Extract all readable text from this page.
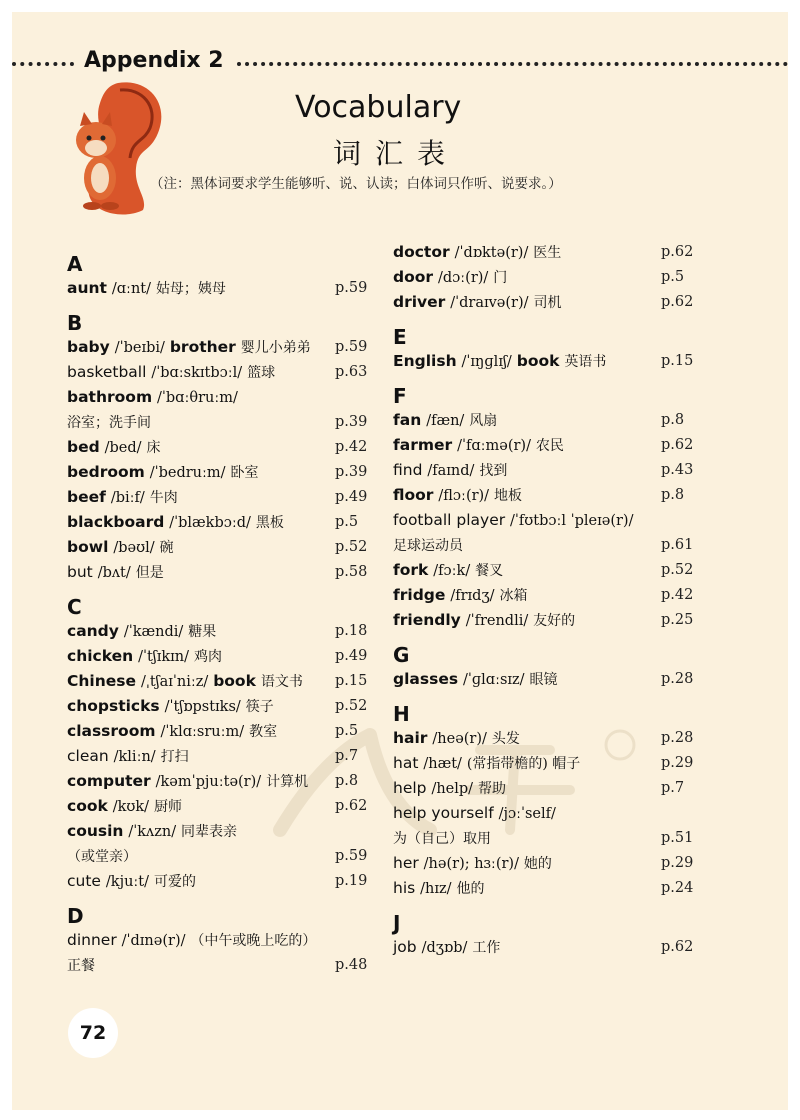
Appendix 2
Vocabulary
词汇表
（注：黑体词要求学生能够听、说、认读；白体词只作听、说要求。）
A
aunt /ɑːnt/ 姑母；姨母	p.59
B
baby /ˈbeɪbi/ brother 婴儿小弟弟 p.59
basketball /ˈbɑːskɪtbɔːl/ 篮球	p.63
bathroom /ˈbɑːθruːm/
浴室；洗手间	p.39
bed /bed/ 床	p.42
bedroom /ˈbedruːm/ 卧室	p.39
beef /biːf/ 牛肉	p.49
blackboard /ˈblækbɔːd/ 黑板	p.5
bowl /bəʊl/ 碗	p.52
but /bʌt/ 但是	p.58
C
candy /ˈkændi/ 糖果	p.18
chicken /ˈtʃɪkɪn/ 鸡肉	p.49
Chinese /ˌtʃaɪˈniːz/ book 语文书 p.15
chopsticks /ˈtʃɒpstɪks/ 筷子	p.52
classroom /ˈklɑːsruːm/ 教室	p.5
clean /kliːn/ 打扫	p.7
computer /kəmˈpjuːtə(r)/ 计算机 p.8
cook /kʊk/ 厨师	p.62
cousin /ˈkʌzn/ 同辈表亲
（或堂亲）	p.59
cute /kjuːt/ 可爱的	p.19
D
dinner /ˈdɪnə(r)/ （中午或晚上吃的）
正餐	p.48
doctor /ˈdɒktə(r)/ 医生	p.62
door /dɔː(r)/ 门	p.5
driver /ˈdraɪvə(r)/ 司机	p.62
E
English /ˈɪŋɡlɪʃ/ book 英语书	p.15
F
fan /fæn/ 风扇	p.8
farmer /ˈfɑːmə(r)/ 农民	p.62
find /faɪnd/ 找到	p.43
floor /flɔː(r)/ 地板	p.8
football player /ˈfʊtbɔːl ˈpleɪə(r)/
足球运动员	p.61
fork /fɔːk/ 餐叉	p.52
fridge /frɪdʒ/ 冰箱	p.42
friendly /ˈfrendli/ 友好的	p.25
G
glasses /ˈɡlɑːsɪz/ 眼镜	p.28
H
hair /heə(r)/ 头发	p.28
hat /hæt/ (常指带檐的) 帽子	p.29
help /help/ 帮助	p.7
help yourself /jɔːˈself/
为（自己）取用	p.51
her /hə(r); hɜː(r)/ 她的	p.29
his /hɪz/ 他的	p.24
J
job /dʒɒb/ 工作	p.62
72
